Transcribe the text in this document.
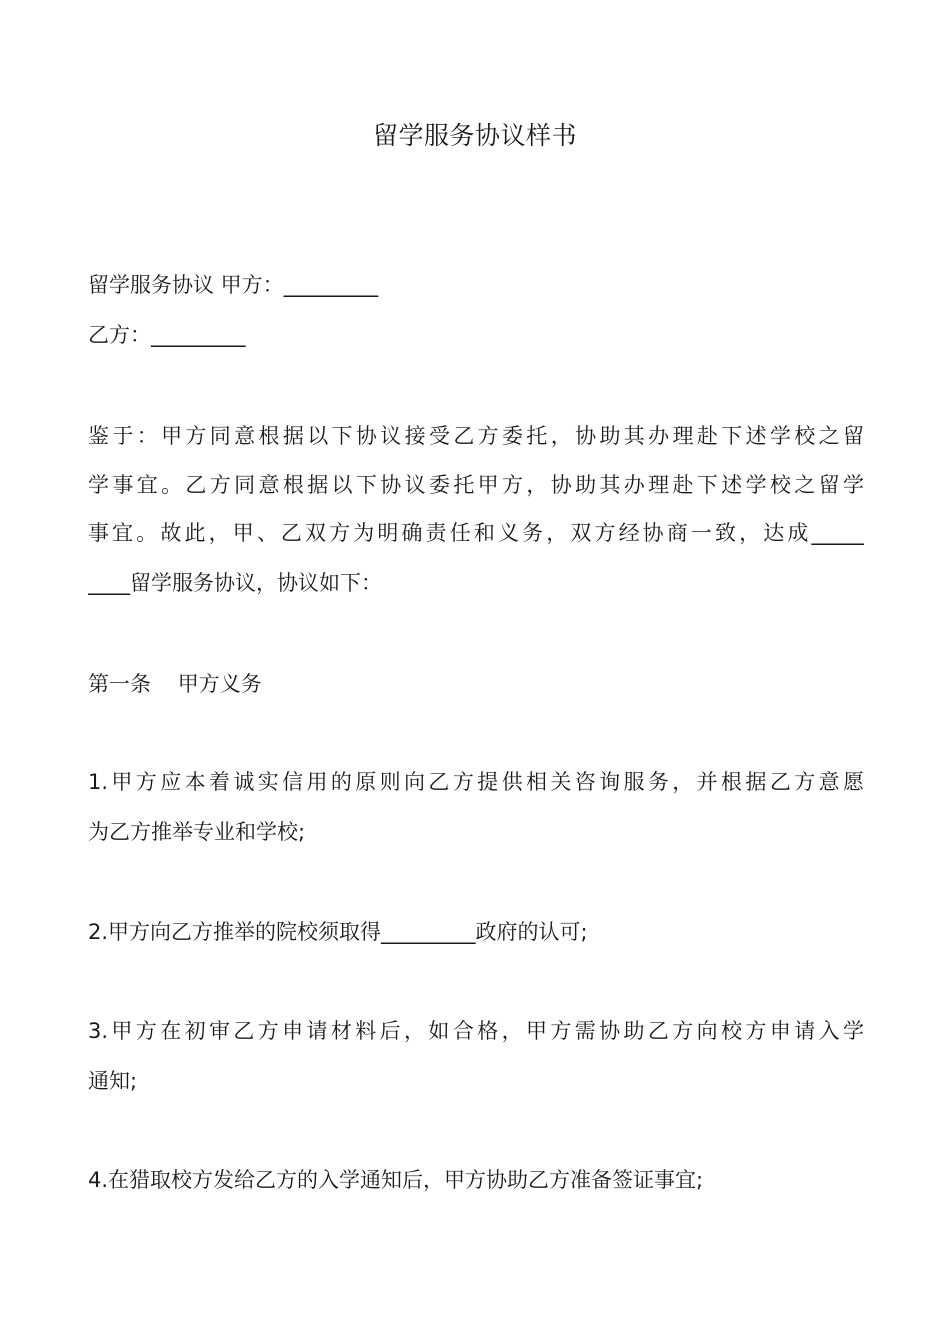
留学服务协议样书
留学服务协议 甲方：_________
乙方：_________
鉴于：甲方同意根据以下协议接受乙方委托，协助其办理赴下述学校之留
学事宜。乙方同意根据以下协议委托甲方，协助其办理赴下述学校之留学
事宜。故此，甲、乙双方为明确责任和义务，双方经协商一致，达成_____
____留学服务协议，协议如下：
第一条    甲方义务
1.甲方应本着诚实信用的原则向乙方提供相关咨询服务，并根据乙方意愿
为乙方推举专业和学校;
2.甲方向乙方推举的院校须取得_________政府的认可;
3.甲方在初审乙方申请材料后，如合格，甲方需协助乙方向校方申请入学
通知;
4.在猎取校方发给乙方的入学通知后，甲方协助乙方准备签证事宜;
